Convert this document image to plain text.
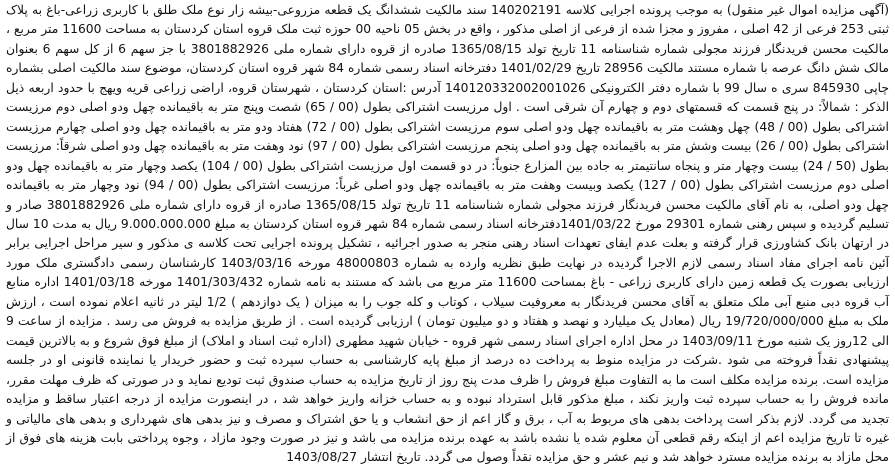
(آگهی مزایده اموال غیر منقول) به موجب پرونده اجرایی کلاسه 140202191 سند مالکیت ششدانگ یک قطعه مزروعی-بیشه زار نوع ملک طلق با کاربری زراعی-باغ به پلاک ثبتی 253 فرعی از 42 اصلی ، مفروز و مجزا شده از فرعی از اصلی مذکور ، واقع در بخش 05 ناحیه 00 حوزه ثبت ملک قروه استان کردستان به مساحت 11600 متر مربع ، مالکیت محسن فریدنگار فرزند مجولی شماره شناسنامه 11 تاریخ تولد 1365/08/15 صادره از قروه دارای شماره ملی 3801882926 با جز سهم 6 از کل سهم 6 بعنوان مالک شش دانگ عرصه با شماره مستند مالکیت 28956 تاریخ 1401/02/29 دفترخانه اسناد رسمی شماره 84 شهر قروه استان کردستان، موضوع سند مالکیت اصلی بشماره چاپی 845930 سری ه سال 99 با شماره دفتر الکترونیکی 140120332002001026 آدرس :استان کردستان ، شهرستان قروه، اراضی زراعی قریه ویهج با حدود اربعه ذیل الذکر : شمالاً: در پنج قسمت که قسمتهای دوم و چهارم آن شرقی است . اول مرزیست اشتراکی بطول (00 / 65) شصت وپنج متر به باقیمانده چهل ودو اصلی دوم مرزیست اشتراکی بطول (00 / 48) چهل وهشت متر به باقیمانده چهل ودو اصلی سوم مرزیست اشتراکی بطول (00 / 72) هفتاد ودو متر به باقیمانده چهل ودو اصلی چهارم مرزیست اشتراکی بطول (00 / 26) بیست وشش متر به باقیمانده چهل ودو اصلی پنجم مرزیست اشتراکی بطول (00 / 97) نود وهفت متر به باقیمانده چهل ودو اصلی شرقاً: مرزیست بطول (50 / 24) بیست وچهار متر و پنجاه سانتیمتر به جاده بین المزارع جنوباً: در دو قسمت اول مرزیست اشتراکی بطول (00 / 104) یکصد وچهار متر به باقیمانده چهل ودو اصلی دوم مرزیست اشتراکی بطول (00 / 127) یکصد وبیست وهفت متر به باقیمانده چهل ودو اصلی غرباً: مرزیست اشتراکی بطول (00 / 94) نود وچهار متر به باقیمانده چهل ودو اصلی، به نام آقای مالکیت محسن فریدنگار فرزند مجولی شماره شناسنامه 11 تاریخ تولد 1365/08/15 صادره از قروه دارای شماره ملی 3801882926 صادر و تسلیم گردیده و سپس رهنی شماره 29301 مورخ 1401/03/22دفترخانه اسناد رسمی شماره 84 شهر قروه استان کردستان به مبلغ 9.000.000.000 ریال به مدت 10 سال در ارتهان بانک کشاورزی قرار گرفته و بعلت عدم ایفای تعهدات اسناد رهنی منجر به صدور اجرائیه ، تشکیل پرونده اجرایی تحت کلاسه ی مذکور و سیر مراحل اجرایی برابر آئین نامه اجرای مفاد اسناد رسمی لازم الاجرا گردیده در نهایت طبق نظریه وارده به شماره 48000803 مورخه 1403/03/16 کارشناسان رسمی دادگستری ملک مورد ارزیابی بصورت یک قطعه زمین دارای کاربری زراعی - باغ بمساحت 11600 متر مربع می باشد که مستند به نامه شماره 1401/303/432 مورخه 1401/03/18 اداره منابع آب قروه دبی منبع آبی ملک متعلق به آقای محسن فریدنگار به معروفیت سیلاب ، کوتاب و کله جوب را به میزان ( یک دوازدهم ) 1/2 لیتر در ثانیه اعلام نموده است ، ارزش ملک به مبلغ 19/720/000/000 ریال (معادل یک میلیارد و نهصد و هفتاد و دو میلیون تومان ) ارزیابی گردیده است . از طریق مزایده به فروش می رسد . مزایده از ساعت 9 الی 12روز یک شنبه مورخ 1403/09/11 در محل اداره اجرای اسناد رسمی شهر قروه - خیابان شهید مطهری (اداره ثبت اسناد و املاک) از مبلغ فوق شروع و به بالاترین قیمت پیشنهادی نقداً فروخته می شود .شرکت در مزایده منوط به پرداخت ده درصد از مبلغ پایه کارشناسی به حساب سپرده ثبت و حضور خریدار یا نماینده قانونی او در جلسه مزایده است. برنده مزایده مکلف است ما به التفاوت مبلغ فروش را ظرف مدت پنج روز از تاریخ مزایده به حساب صندوق ثبت تودیع نماید و در صورتی که ظرف مهلت مقرر، مانده فروش را به حساب سپرده ثبت واریز نکند ، مبلغ مذکور قابل استرداد نبوده و به حساب خزانه واریز خواهد شد ، در اینصورت مزایده از درجه اعتبار ساقط و مزایده تجدید می گردد. لازم بذکر است پرداخت بدهی های مربوط به آب ، برق و گاز اعم از حق انشعاب و یا حق اشتراک و مصرف و نیز بدهی های شهرداری و بدهی های مالیاتی و غیره تا تاریخ مزایده اعم از اینکه رقم قطعی آن معلوم شده یا نشده باشد به عهده برنده مزایده می باشد و نیز در صورت وجود مازاد ، وجوه پرداختی بابت هزینه های فوق از محل مازاد به برنده مزایده مسترد خواهد شد و نیم عشر و حق مزایده نقداً وصول می گردد. تاریخ انتشار 1403/08/27
